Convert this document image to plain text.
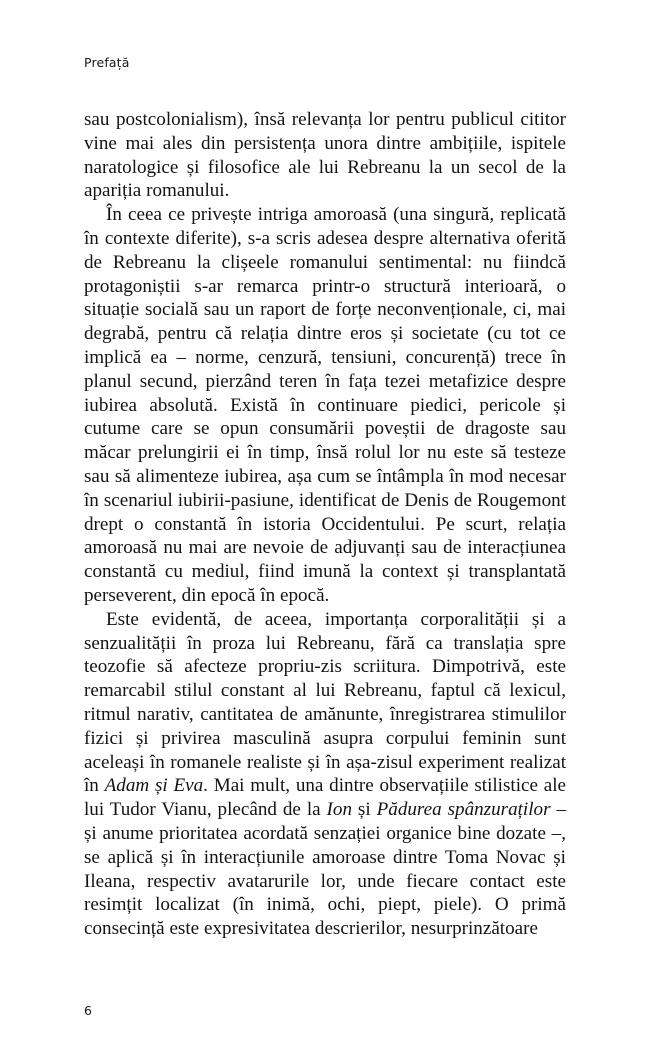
Prefață

sau postcolonialism), însă relevanța lor pentru publicul cititor vine mai ales din persistența unora dintre ambițiile, ispitele naratologice și filosofice ale lui Rebreanu la un secol de la apariția romanului.

În ceea ce privește intriga amoroasă (una singură, replicată în contexte diferite), s-a scris adesea despre alternativa oferită de Rebreanu la clișeele romanului sentimental: nu fiindcă protagoniștii s-ar remarca printr-o structură interioară, o situație socială sau un raport de forțe neconvenționale, ci, mai degrabă, pentru că relația dintre eros și societate (cu tot ce implică ea – norme, cenzură, tensiuni, concurență) trece în planul secund, pierzând teren în fața tezei metafizice despre iubirea absolută. Există în continuare piedici, pericole și cutume care se opun consumării poveștii de dragoste sau măcar prelungirii ei în timp, însă rolul lor nu este să testeze sau să alimenteze iubirea, așa cum se întâmpla în mod necesar în scenariul iubirii-pasiune, identificat de Denis de Rougemont drept o constantă în istoria Occidentului. Pe scurt, relația amoroasă nu mai are nevoie de adjuvanți sau de interacțiunea constantă cu mediul, fiind imună la context și transplantată perseverent, din epocă în epocă.

Este evidentă, de aceea, importanța corporalității și a senzualității în proza lui Rebreanu, fără ca translația spre teozofie să afecteze propriu-zis scriitura. Dimpotrivă, este remarcabil stilul constant al lui Rebreanu, faptul că lexicul, ritmul narativ, cantitatea de amănunte, înregistrarea stimulilor fizici și privirea masculină asupra corpului feminin sunt aceleași în romanele realiste și în așa-zisul experiment realizat în Adam și Eva. Mai mult, una dintre observațiile stilistice ale lui Tudor Vianu, plecând de la Ion și Pădurea spânzuraților – și anume prioritatea acordată senzației organice bine dozate –, se aplică și în interacțiunile amoroase dintre Toma Novac și Ileana, respectiv avatarurile lor, unde fiecare contact este resimțit localizat (în inimă, ochi, piept, piele). O primă consecință este expresivitatea descrierilor, nesurprinzătoare

6
